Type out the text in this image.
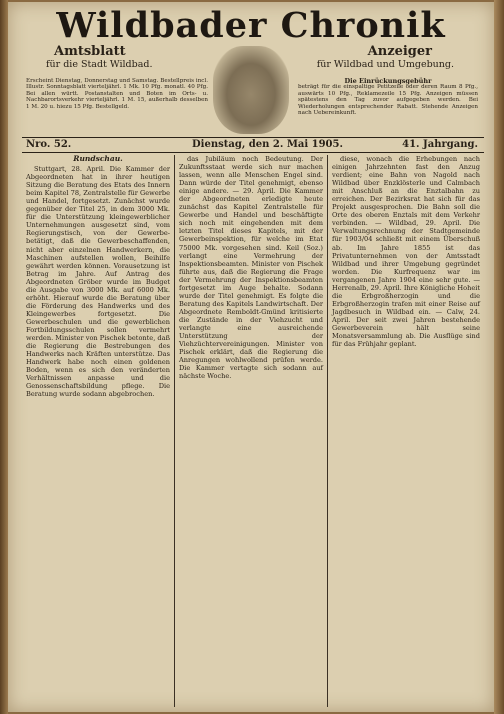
Wildbader Chronik
Amtsblatt
für die Stadt Wildbad.
Anzeiger
für Wildbad und Umgebung.
Erscheint Dienstag, Donnerstag und Samstag. Bestellpreis incl. Illustr. Sonntagsblatt vierteljährl. 1 Mk. 10 Pfg. monatl. 40 Pfg. Bei allen württ. Postanstalten und Boten im Orts- u. Nachbarortsverkehr vierteljährl. 1 M. 15, außerhalb desselben 1 M. 20 u. hiezu 15 Pfg. Bestellgeld.
Die Einrückungsgebühr
beträgt für die einspaltige Petitzeile oder deren Raum 8 Pfg., auswärts 10 Pfg., Reklamezeile 15 Pfg. Anzeigen müssen spätestens den Tag zuvor aufgegeben werden. Bei Wiederholungen entsprechender Rabatt. Stehende Anzeigen nach Uebereinkunft.
Nro. 52.	Dienstag, den 2. Mai 1905.	41. Jahrgang.
Rundschau.

Stuttgart, 28. April. Die Kammer der Abgeordneten hat in ihrer heutigen Sitzung die Beratung des Etats des Innern beim Kapitel 78, Zentralstelle für Gewerbe und Handel, fortgesetzt. Zunächst wurde gegenüber der Titel 25, in dem 3000 Mk. für die Unterstützung kleingewerblicher Unternehmungen ausgesetzt sind, vom Regierungstisch, von der Gewerbe- betätigt, daß die Gewerbeschaffenden, nicht aber einzelnen Handwerkern, die Maschinen aufstellen wollen, Beihilfe gewährt werden können. Vorausetzung ist Betrag im Jahre. Auf Antrag des Abgeordneten Gröber wurde im Budget die Ausgabe von 3000 Mk. auf 6000 Mk. erhöht. Hierauf wurde die Beratung über die Förderung des Handwerks und des Kleingewerbes fortgesetzt. Die Gewerbeschulen und die gewerblichen Fortbildungsschulen sollen vermehrt werden. Minister von Pischek betonte, daß die Regierung die Bestrebungen des Handwerks nach Kräften unterstütze. Das Handwerk habe noch einen goldenen Boden, wenn es sich den veränderten Verhältnissen anpasse und die Genossenschaftsbildung pflege. Die Beratung wurde sodann abgebrochen.

das Jubiläum noch Bedeutung. Der Zukunftsstaat werde sich nur machen lassen, wenn alle Menschen Engel sind. Dann würde der Titel genehmigt, ebenso einige andere. — 29. April. Die Kammer der Abgeordneten erledigte heute zunächst das Kapitel Zentralstelle für Gewerbe und Handel und beschäftigte sich noch mit eingehenden mit dem letzten Titel dieses Kapitels, mit der Gewerbeinspektion, für welche im Etat 75000 Mk. vorgesehen sind. Keil (Soz.) verlangt eine Vermehrung der Inspektionsbeamten. Minister von Pischek führte aus, daß die Regierung die Frage der Vermehrung der Inspektionsbeamten fortgesetzt im Auge behalte. Sodann wurde der Titel genehmigt. Es folgte die Beratung des Kapitels Landwirtschaft. Der Abgeordnete Remboldt-Gmünd kritisierte die Zustände in der Viehzucht und verlangte eine ausreichende Unterstützung der Viehzüchtervereinigungen. Minister von Pischek erklärt, daß die Regierung die Anregungen wohlwollend prüfen werde. Die Kammer vertagte sich sodann auf nächste Woche.

diese, wonach die Erhebungen nach einigen Jahrzehnten fast den Anzug verdient; eine Bahn von Nagold nach Wildbad über Enzklösterle und Calmbach mit Anschluß an die Enztalbahn zu erreichen. Der Bezirksrat hat sich für das Projekt ausgesprochen. Die Bahn soll die Orte des oberen Enztals mit dem Verkehr verbinden. — Wildbad, 29. April. Die Verwaltungsrechnung der Stadtgemeinde für 1903/04 schließt mit einem Überschuß ab. Im Jahre 1855 ist das Privatunternehmen von der Amtsstadt Wildbad und ihrer Umgebung gegründet worden. Die Kurfrequenz war im vergangenen Jahre 1904 eine sehr gute. — Herrenalb, 29. April. Ihre Königliche Hoheit die Erbgroßherzogin und die Erbgroßherzogin trafen mit einer Reise auf Jagdbesuch in Wildbad ein. — Calw, 24. April. Der seit zwei Jahren bestehende Gewerbeverein hält seine Monatsversammlung ab. Die Ausflüge sind für das Frühjahr geplant.
